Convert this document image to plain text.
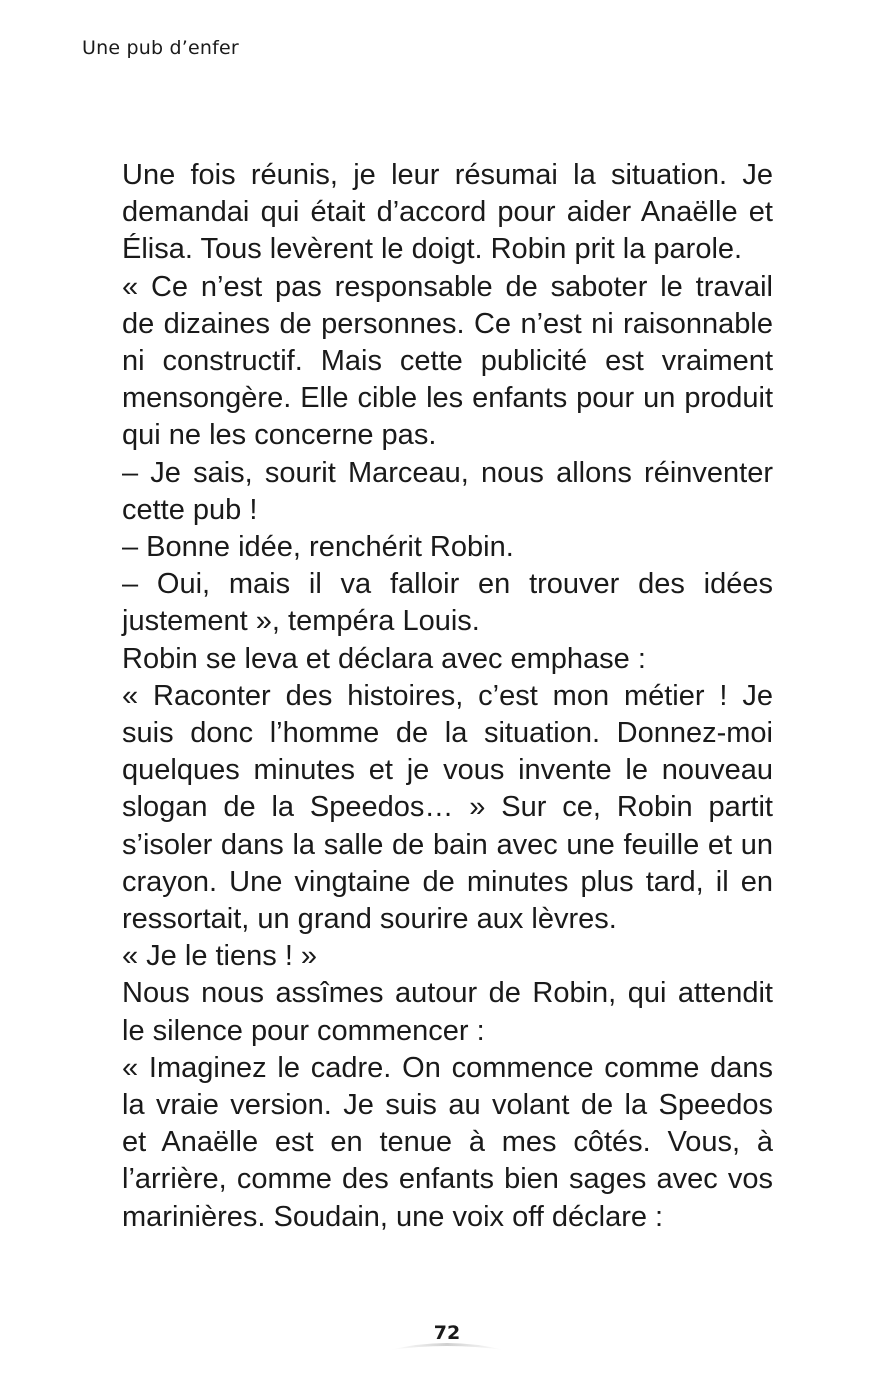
Une pub d’enfer

Une fois réunis, je leur résumai la situation. Je demandai qui était d’accord pour aider Anaëlle et Élisa. Tous levèrent le doigt. Robin prit la parole.

« Ce n’est pas responsable de saboter le travail de dizaines de personnes. Ce n’est ni raisonnable ni constructif. Mais cette publicité est vraiment mensongère. Elle cible les enfants pour un produit qui ne les concerne pas.

– Je sais, sourit Marceau, nous allons réinventer cette pub !

– Bonne idée, renchérit Robin.

– Oui, mais il va falloir en trouver des idées justement », tempéra Louis.

Robin se leva et déclara avec emphase :

« Raconter des histoires, c’est mon métier ! Je suis donc l’homme de la situation. Donnez-moi quelques minutes et je vous invente le nouveau slogan de la Speedos… » Sur ce, Robin partit s’isoler dans la salle de bain avec une feuille et un crayon. Une vingtaine de minutes plus tard, il en ressortait, un grand sourire aux lèvres.

« Je le tiens ! »

Nous nous assîmes autour de Robin, qui attendit le silence pour commencer :

« Imaginez le cadre. On commence comme dans la vraie version. Je suis au volant de la Speedos et Anaëlle est en tenue à mes côtés. Vous, à l’arrière, comme des enfants bien sages avec vos marinières. Soudain, une voix off déclare :

72
